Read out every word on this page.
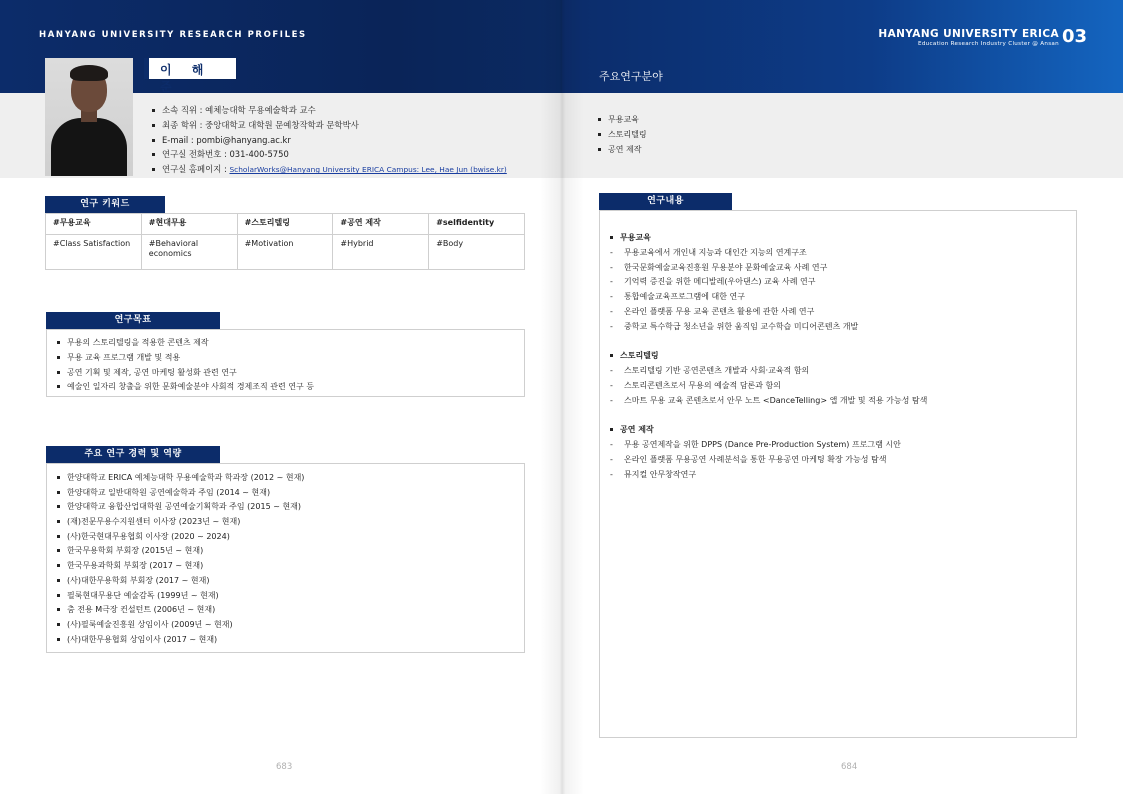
HANYANG UNIVERSITY RESEARCH PROFILES
이 해 준
소속 직위 : 예체능대학 무용예술학과 교수
최종 학위 : 중앙대학교 대학원 문예창작학과 문학박사
E-mail : pombi@hanyang.ac.kr
연구실 전화번호 : 031-400-5750
연구실 홈페이지 : ScholarWorks@Hanyang University ERICA Campus: Lee, Hae Jun (bwise.kr)
연구 키워드
#무용교육	#현대무용	#스토리텔링	#공연 제작	#selfidentity
#Class Satisfaction	#Behavioral economics	#Motivation	#Hybrid	#Body
연구목표
무용의 스토리텔링을 적용한 콘텐츠 제작
무용 교육 프로그램 개발 및 적용
공연 기획 및 제작, 공연 마케팅 활성화 관련 연구
예술인 일자리 창출을 위한 문화예술분야 사회적 경제조직 관련 연구 등
주요 연구 경력 및 역량
한양대학교 ERICA 예체능대학 무용예술학과 학과장 (2012 ~ 현재)
한양대학교 일반대학원 공연예술학과 주임 (2014 ~ 현재)
한양대학교 융합산업대학원 공연예술기획학과 주임 (2015 ~ 현재)
(재)전문무용수지원센터 이사장 (2023년 ~ 현재)
(사)한국현대무용협회 이사장 (2020 ~ 2024)
한국무용학회 부회장 (2015년 ~ 현재)
한국무용과학회 부회장 (2017 ~ 현재)
(사)대한무용학회 부회장 (2017 ~ 현재)
필룩현대무용단 예술감독 (1999년 ~ 현재)
춤 전용 M극장 컨설턴트 (2006년 ~ 현재)
(사)필룩예술진흥원 상임이사 (2009년 ~ 현재)
(사)대한무용협회 상임이사 (2017 ~ 현재)
683
HANYANG UNIVERSITY ERICA
Education Research Industry Cluster @ Ansan 03
주요연구분야
무용교육
스토리텔링
공연 제작
연구내용
무용교육
- 무용교육에서 개인내 지능과 대인간 지능의 연계구조
- 한국문화예술교육진흥원 무용분야 문화예술교육 사례 연구
- 기억력 증진을 위한 메디발레(우아댄스) 교육 사례 연구
- 통합예술교육프로그램에 대한 연구
- 온라인 플랫폼 무용 교육 콘텐츠 활용에 관한 사례 연구
- 중학교 특수학급 청소년을 위한 움직임 교수학습 미디어콘텐츠 개발
스토리텔링
- 스토리텔링 기반 공연콘텐츠 개발과 사회·교육적 함의
- 스토리콘텐츠로서 무용의 예술적 담론과 함의
- 스마트 무용 교육 콘텐츠로서 안무 노트 <DanceTelling> 앱 개발 및 적용 가능성 탐색
공연 제작
- 무용 공연제작을 위한 DPPS (Dance Pre-Production System) 프로그램 시안
- 온라인 플랫폼 무용공연 사례분석을 통한 무용공연 마케팅 확장 가능성 탐색
- 뮤지컬 안무창작연구
684
